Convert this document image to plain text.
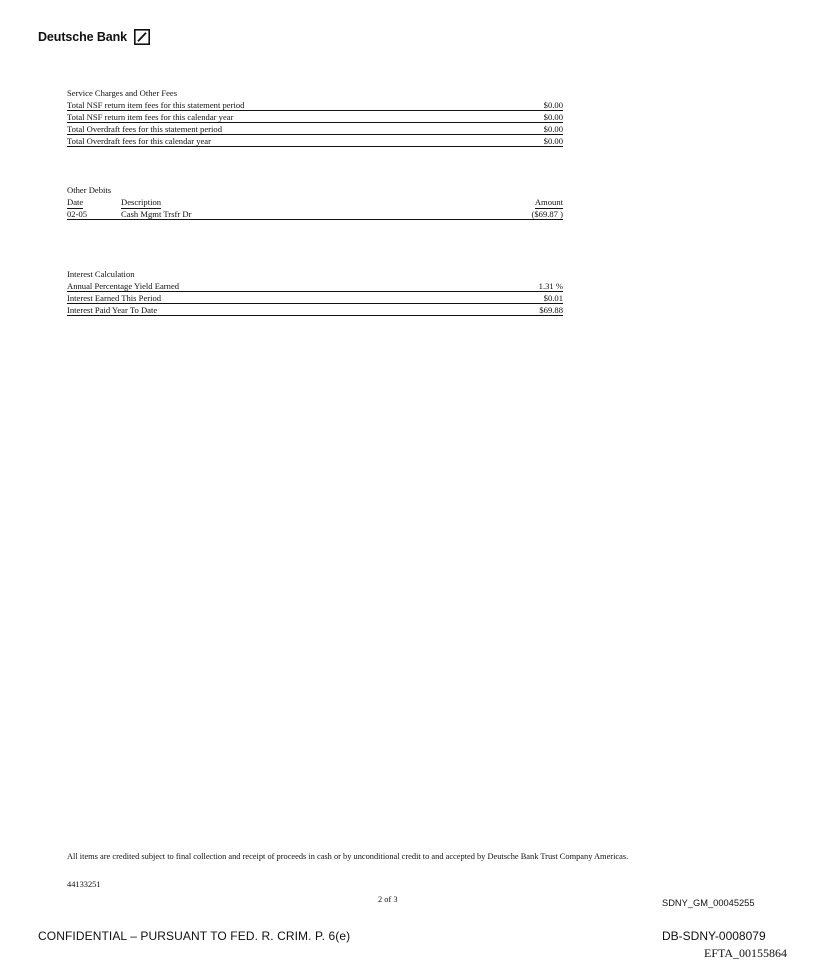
Deutsche Bank
Service Charges and Other Fees
Total NSF return item fees for this statement period	$0.00
Total NSF return item fees for this calendar year	$0.00
Total Overdraft fees for this statement period	$0.00
Total Overdraft fees for this calendar year	$0.00
Other Debits
Date	Description	Amount
02-05	Cash Mgmt Trsfr Dr	($69.87 )
Interest Calculation
Annual Percentage Yield Earned	1.31 %
Interest Earned This Period	$0.01
Interest Paid Year To Date	$69.88
All items are credited subject to final collection and receipt of proceeds in cash or by unconditional credit to and accepted by Deutsche Bank Trust Company Americas.
44133251
2 of 3	SDNY_GM_00045255
CONFIDENTIAL – PURSUANT TO FED. R. CRIM. P. 6(e)	DB-SDNY-0008079
EFTA_00155864
